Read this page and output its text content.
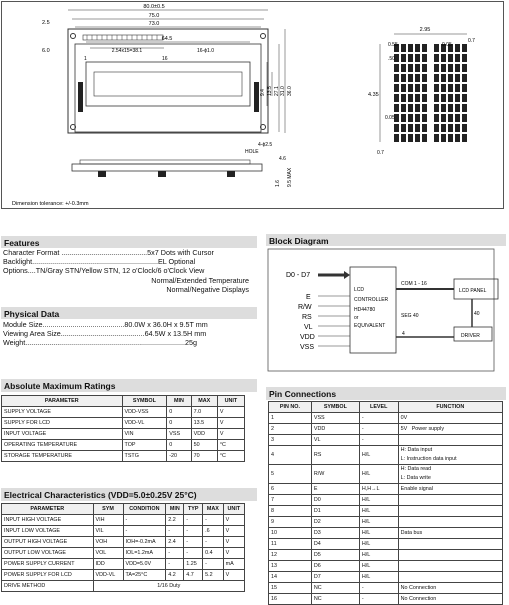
80.0±0.5
75.0
73.0
64.5
2.54x15=38.1	16-ϕ1.0
1	16
2.5
6.0
9.4 13.5 27.1 31.0 36.0
4-ϕ2.5
HOLE
4.6
1.6 9.5 MAX
Dimension tolerance: +/-0.3mm
2.95
0.55
0.7
0.05
.50
4.35
0.05
0.7
Features
Character Format ...........................................5x7 Dots with Cursor
Backlight...............................................................EL Optional
Options....TN/Gray STN/Yellow STN, 12 o'Clock/6 o'Clock View
Normal/Extended Temperature
Normal/Negative Displays
Physical Data
Module Size.........................................80.0W x 36.0H x 9.5T mm
Viewing Area Size..........................................64.5W x 13.5H mm
Weight................................................................................25g
Block Diagram
D0 - D7
E
R/W
RS
VL
VDD
VSS
LCD
CONTROLLER
HD44780
or
EQUIVALENT
COM 1 - 16
LCD PANEL
SEG 40
4
40
DRIVER
Absolute Maximum Ratings
PARAMETER	SYMBOL	MIN	MAX	UNIT
SUPPLY VOLTAGE	VDD-VSS	0	7.0	V
SUPPLY FOR LCD	VDD-VL	0	13.5	V
INPUT VOLTAGE	VIN	VSS	VDD	V
OPERATING TEMPERATURE	TOP	0	50	°C
STORAGE TEMPERATURE	TSTG	-20	70	°C
Electrical Characteristics (VDD=5.0±0.25V 25°C)
PARAMETER	SYM	CONDITION	MIN	TYP	MAX	UNIT
INPUT HIGH VOLTAGE	VIH	-	2.2	-	-	V
INPUT LOW VOLTAGE	VIL	-	-	-	.6	V
OUTPUT HIGH VOLTAGE	VOH	IOH=-0.2mA	2.4	-	-	V
OUTPUT LOW VOLTAGE	VOL	IOL=1.2mA	-	-	0.4	V
POWER SUPPLY CURRENT	IDD	VDD=5.0V	-	1.25	-	mA
POWER SUPPLY FOR LCD	VDD-VL	TA=25°C	4.2	4.7	5.2	V
DRIVE METHOD	1/16 Duty					
Pin Connections
PIN NO.	SYMBOL	LEVEL	FUNCTION
1	VSS	-	0V
2	VDD	-	5V Power supply
3	VL	-	
4	RS	H/L	H: Data input
L: Instruction data input
5	R/W	H/L	H: Data read
L: Data write
6	E	H,H→L	Enable signal
7	D0	H/L	
8	D1	H/L	
9	D2	H/L	
10	D3	H/L	Data bus
11	D4	H/L	
12	D5	H/L	
13	D6	H/L	
14	D7	H/L	
15	NC	-	No Connection
16	NC	-	No Connection
